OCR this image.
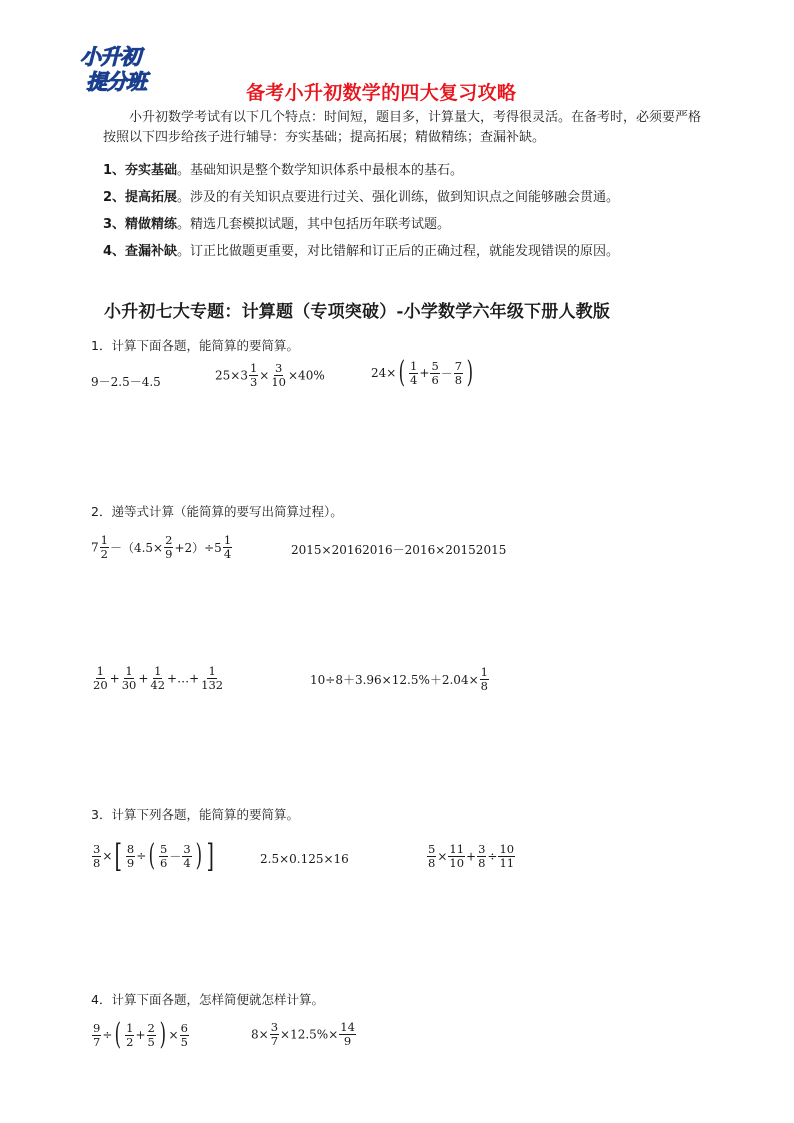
小升初
提分班	备考小升初数学的四大复习攻略
小升初数学考试有以下几个特点：时间短，题目多，计算量大，考得很灵活。在备考时，必须要严格按照以下四步给孩子进行辅导：夯实基础；提高拓展；精做精练；查漏补缺。
1、夯实基础。基础知识是整个数学知识体系中最根本的基石。
2、提高拓展。涉及的有关知识点要进行过关、强化训练，做到知识点之间能够融会贯通。
3、精做精练。精选几套模拟试题，其中包括历年联考试题。
4、查漏补缺。订正比做题更重要，对比错解和订正后的正确过程，就能发现错误的原因。
小升初七大专题：计算题（专项突破）-小学数学六年级下册人教版
1．计算下面各题，能简算的要简算。
9－2.5－4.5	$25\times 3 \frac{1}{3} \times \frac{3}{10} \times 40\%$	$24\times( \frac{1}{4} + \frac{5}{6} - \frac{7}{8}$ )
2．递等式计算（能简算的要写出简算过程）。
$7 \frac{1}{2} -(4.5\times \frac{2}{9} +2)\div 5 \frac{1}{4}$	2015×20162016－2016×20152015
$\frac{1}{20} + \frac{1}{30} + \frac{1}{42}$ +…+ $\frac{1}{132}$	$10\div 8+3.96\times 12.5\%+2.04\times \frac{1}{8}$
3．计算下列各题，能简算的要简算。
$\frac{3}{8}$ ×[ $\frac{8}{9}$ ÷( $\frac{5}{6} - \frac{3}{4}$ ) ]	2.5×0.125×16	$\frac{5}{8} \times \frac{11}{10} + \frac{3}{8} \div \frac{10}{11}$
4．计算下面各题，怎样简便就怎样计算。
$\frac{9}{7}$ ÷( $\frac{1}{2} + \frac{2}{5}$ ) × $\frac{6}{5}$	$8\times \frac{3}{7} \times 12.5\%\times \frac{14}{9}$
